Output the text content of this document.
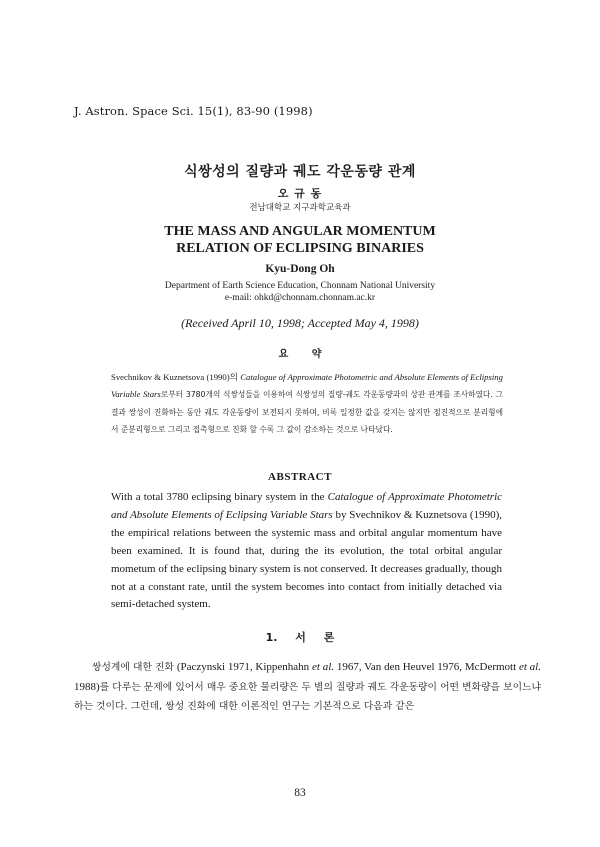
J. Astron. Space Sci. 15(1), 83-90 (1998)
식쌍성의 질량과 궤도 각운동량 관계
오 규 동
전남대학교 지구과학교육과
THE MASS AND ANGULAR MOMENTUM
RELATION OF ECLIPSING BINARIES
Kyu-Dong Oh
Department of Earth Science Education, Chonnam National University
e-mail: ohkd@chonnam.chonnam.ac.kr
(Received April 10, 1998; Accepted May 4, 1998)
요 약
Svechnikov & Kuznetsova (1990)의 Catalogue of Approximate Photometric and Absolute Elements of Eclipsing Variable Stars로부터 3780개의 식쌍성들을 이용하여 식쌍성의 질량-궤도 각운동량과의 상관 관계를 조사하였다. 그 결과 쌍성이 진화하는 동안 궤도 각운동량이 보전되지 못하며, 비록 일정한 값을 갖지는 않지만 점진적으로 분리형에서 준분리형으로 그리고 접촉형으로 진화 할 수록 그 값이 감소하는 것으로 나타났다.
ABSTRACT
With a total 3780 eclipsing binary system in the Catalogue of Approximate Photometric and Absolute Elements of Eclipsing Variable Stars by Svechnikov & Kuznetsova (1990), the empirical relations between the systemic mass and orbital angular momentum have been examined. It is found that, during the its evolution, the total orbital angular mometum of the eclipsing binary system is not conserved. It decreases gradually, though not at a constant rate, until the system becomes into contact from initially detached via semi-detached system.
1. 서 론
쌍성계에 대한 진화 (Paczynski 1971, Kippenhahn et al. 1967, Van den Heuvel 1976, McDermott et al. 1988)를 다루는 문제에 있어서 매우 중요한 물리량은 두 별의 질량과 궤도 각운동량이 어떤 변화량을 보이느냐 하는 것이다. 그런데, 쌍성 진화에 대한 이론적인 연구는 기본적으로 다음과 같은
83
